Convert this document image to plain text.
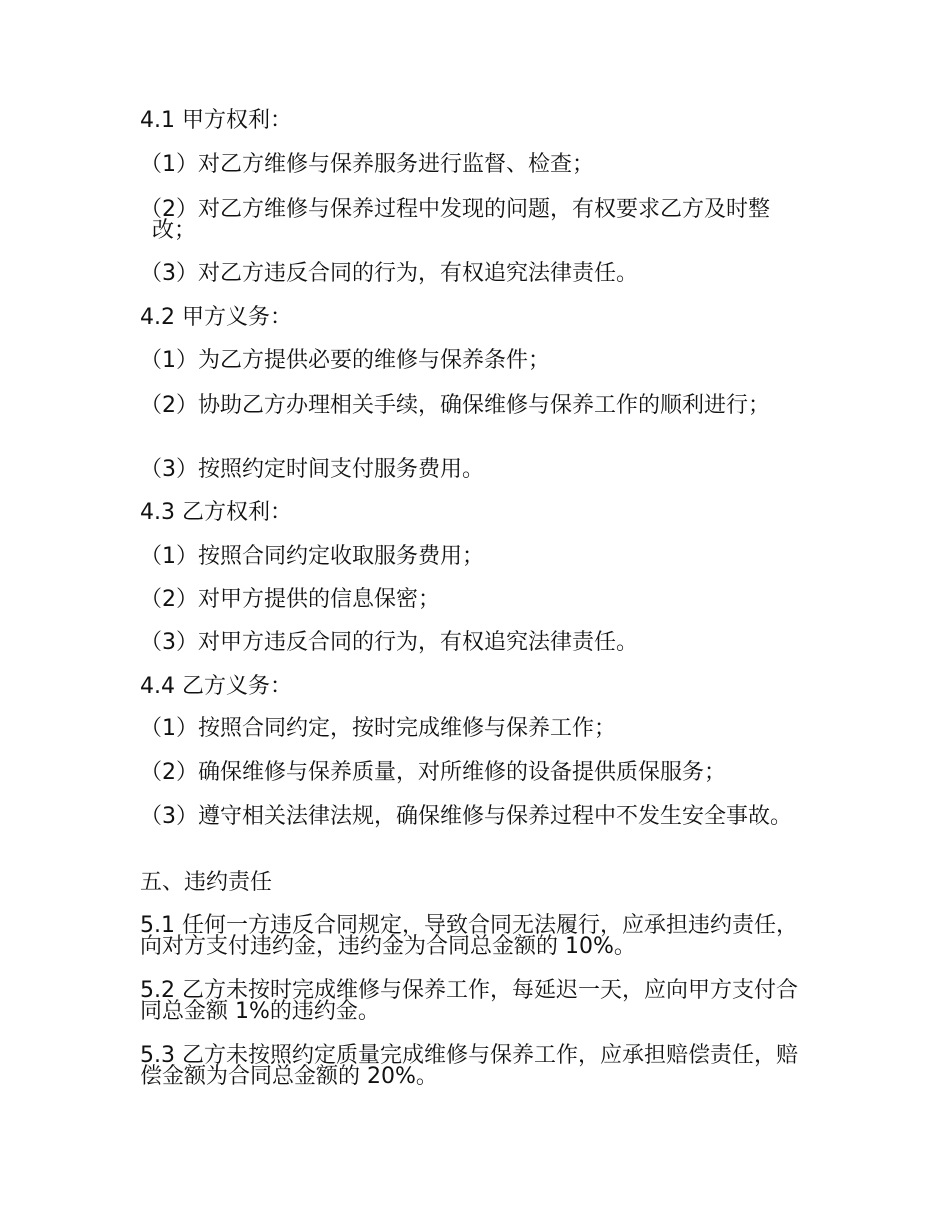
4.1 甲方权利：

（1）对乙方维修与保养服务进行监督、检查；

（2）对乙方维修与保养过程中发现的问题，有权要求乙方及时整改；

（3）对乙方违反合同的行为，有权追究法律责任。

4.2 甲方义务：

（1）为乙方提供必要的维修与保养条件；

（2）协助乙方办理相关手续，确保维修与保养工作的顺利进行；

（3）按照约定时间支付服务费用。

4.3 乙方权利：

（1）按照合同约定收取服务费用；

（2）对甲方提供的信息保密；

（3）对甲方违反合同的行为，有权追究法律责任。

4.4 乙方义务：

（1）按照合同约定，按时完成维修与保养工作；

（2）确保维修与保养质量，对所维修的设备提供质保服务；

（3）遵守相关法律法规，确保维修与保养过程中不发生安全事故。

五、违约责任

5.1 任何一方违反合同规定，导致合同无法履行，应承担违约责任，向对方支付违约金，违约金为合同总金额的 10%。

5.2 乙方未按时完成维修与保养工作，每延迟一天，应向甲方支付合同总金额 1%的违约金。

5.3 乙方未按照约定质量完成维修与保养工作，应承担赔偿责任，赔偿金额为合同总金额的 20%。
